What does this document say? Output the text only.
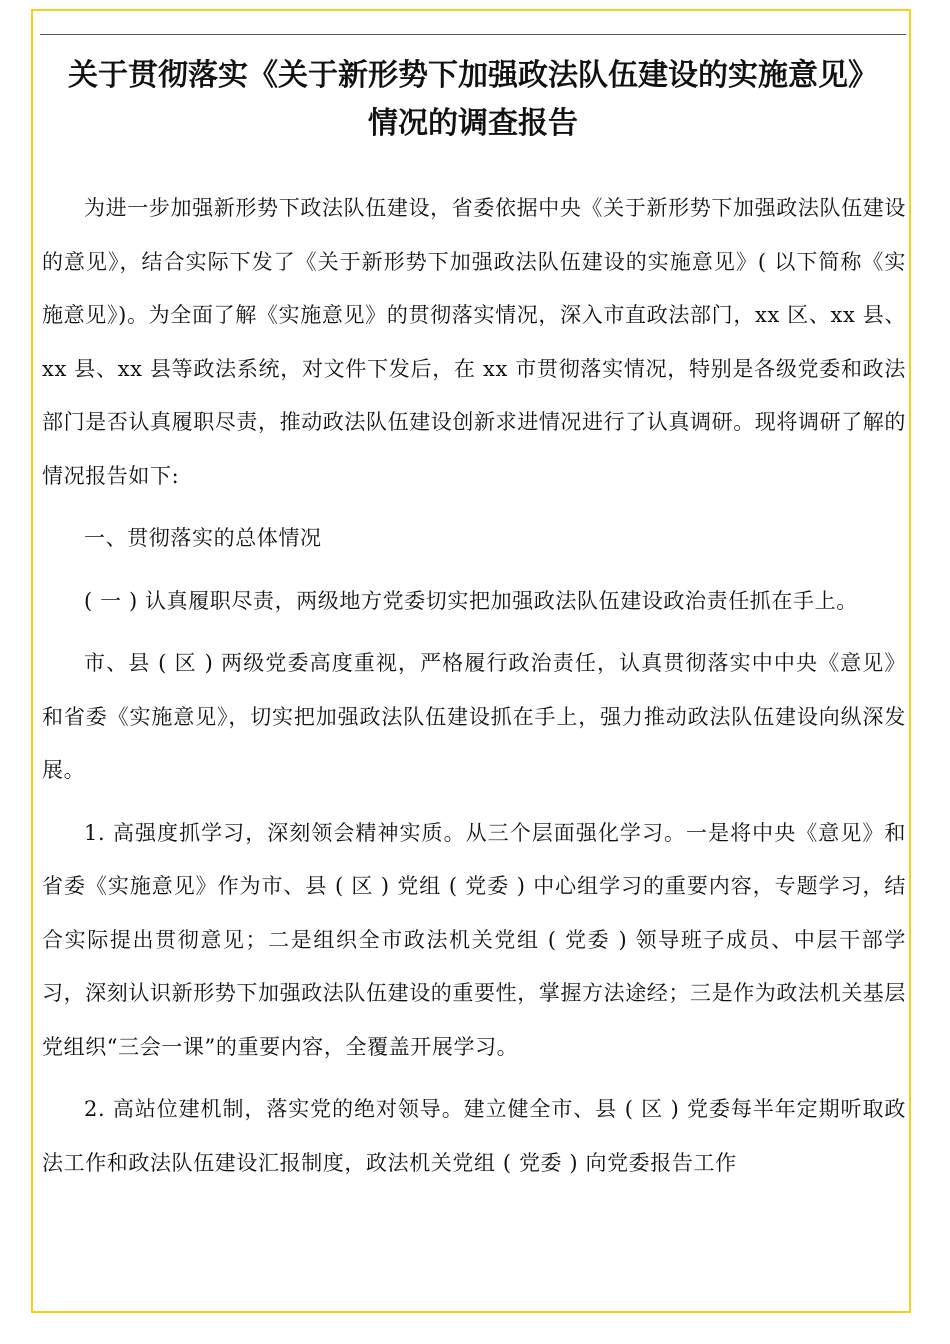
关于贯彻落实《关于新形势下加强政法队伍建设的实施意见》
情况的调查报告

为进一步加强新形势下政法队伍建设，省委依据中央《关于新形势下加强政法队伍建设的意见》，结合实际下发了《关于新形势下加强政法队伍建设的实施意见》( 以下简称《实施意见》)。为全面了解《实施意见》的贯彻落实情况，深入市直政法部门，xx 区、xx 县、xx 县、xx 县等政法系统，对文件下发后，在 xx 市贯彻落实情况，特别是各级党委和政法部门是否认真履职尽责，推动政法队伍建设创新求进情况进行了认真调研。现将调研了解的情况报告如下:

一、贯彻落实的总体情况

( 一 ) 认真履职尽责，两级地方党委切实把加强政法队伍建设政治责任抓在手上。

市、县 ( 区 ) 两级党委高度重视，严格履行政治责任，认真贯彻落实中中央《意见》和省委《实施意见》，切实把加强政法队伍建设抓在手上，强力推动政法队伍建设向纵深发展。

1. 高强度抓学习，深刻领会精神实质。从三个层面强化学习。一是将中央《意见》和省委《实施意见》作为市、县 ( 区 ) 党组 ( 党委 ) 中心组学习的重要内容，专题学习，结合实际提出贯彻意见；二是组织全市政法机关党组 ( 党委 ) 领导班子成员、中层干部学习，深刻认识新形势下加强政法队伍建设的重要性，掌握方法途经；三是作为政法机关基层党组织“三会一课”的重要内容，全覆盖开展学习。

2. 高站位建机制，落实党的绝对领导。建立健全市、县 ( 区 ) 党委每半年定期听取政法工作和政法队伍建设汇报制度，政法机关党组 ( 党委 ) 向党委报告工作
